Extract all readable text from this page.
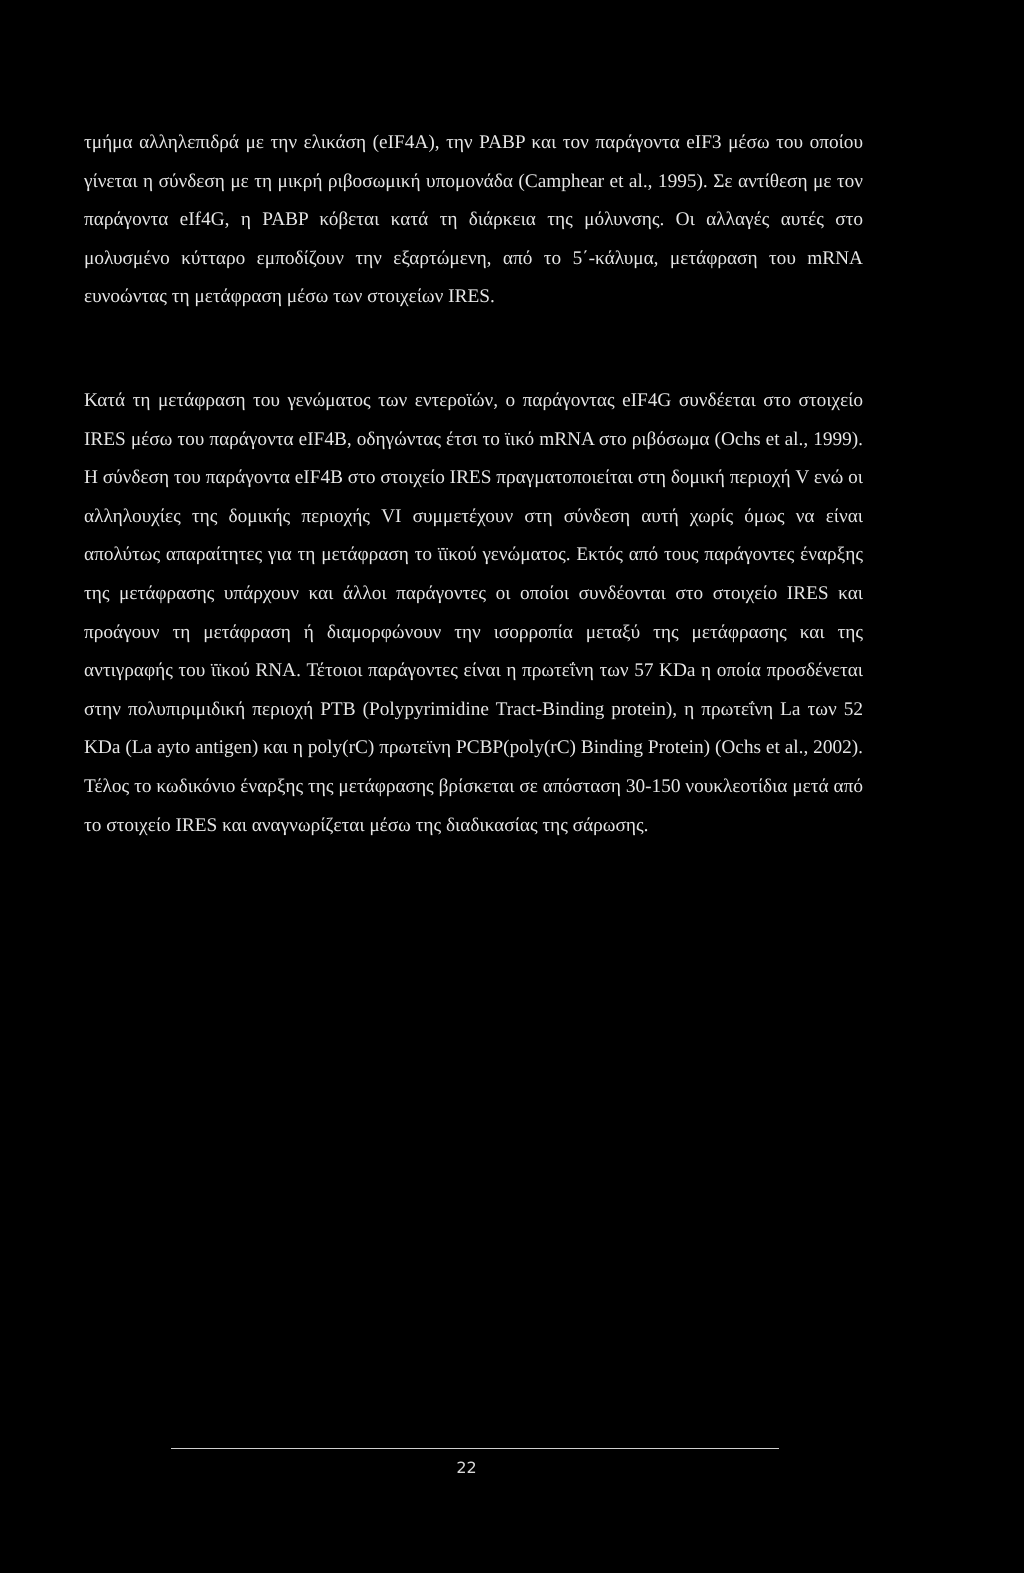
τμήμα αλληλεπιδρά με την ελικάση (eIF4A), την PABP και τον παράγοντα eIF3 μέσω του οποίου γίνεται η σύνδεση με τη μικρή ριβοσωμική υπομονάδα (Camphear et al., 1995). Σε αντίθεση με τον παράγοντα eIf4G, η PABP κόβεται κατά τη διάρκεια της μόλυνσης. Οι αλλαγές αυτές στο μολυσμένο κύτταρο εμποδίζουν την εξαρτώμενη, από το 5΄-κάλυμα, μετάφραση του mRNA ευνοώντας τη μετάφραση μέσω των στοιχείων IRES.

Κατά τη μετάφραση του γενώματος των εντεροϊών, ο παράγοντας eIF4G συνδέεται στο στοιχείο IRES μέσω του παράγοντα eIF4B, οδηγώντας έτσι το ϊικό mRNA στο ριβόσωμα (Ochs et al., 1999). Η σύνδεση του παράγοντα eIF4B στο στοιχείο IRES πραγματοποιείται στη δομική περιοχή V ενώ οι αλληλουχίες της δομικής περιοχής VI συμμετέχουν στη σύνδεση αυτή χωρίς όμως να είναι απολύτως απαραίτητες για τη μετάφραση το ϊϊκού γενώματος. Εκτός από τους παράγοντες έναρξης της μετάφρασης υπάρχουν και άλλοι παράγοντες οι οποίοι συνδέονται στο στοιχείο IRES και προάγουν τη μετάφραση ή διαμορφώνουν την ισορροπία μεταξύ της μετάφρασης και της αντιγραφής του ϊϊκού RNA. Τέτοιοι παράγοντες είναι η πρωτεΐνη των 57 KDa η οποία προσδένεται στην πολυπιριμιδική περιοχή PTB (Polypyrimidine Tract-Binding protein), η πρωτεΐνη La των 52 KDa (La ayto antigen) και η poly(rC) πρωτεϊνη PCBP(poly(rC) Binding Protein) (Ochs et al., 2002). Τέλος το κωδικόνιο έναρξης της μετάφρασης βρίσκεται σε απόσταση 30-150 νουκλεοτίδια μετά από το στοιχείο IRES και αναγνωρίζεται μέσω της διαδικασίας της σάρωσης.

22
